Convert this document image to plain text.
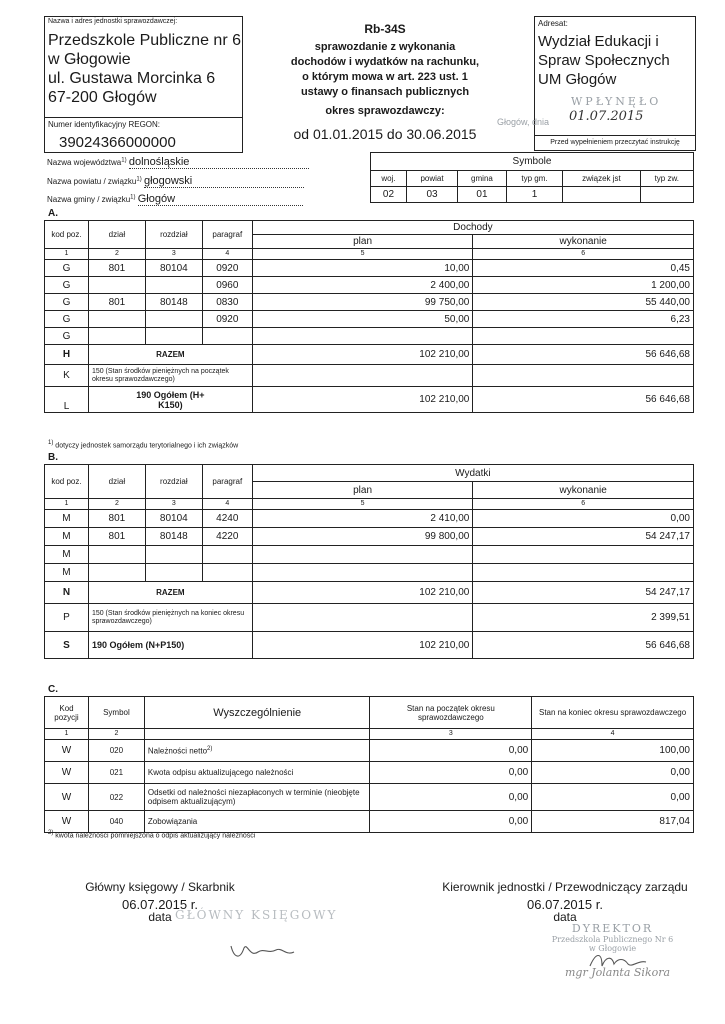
Nazwa i adres jednostki sprawozdawczej:
Przedszkole Publiczne nr 6
w Głogowie
ul. Gustawa Morcinka 6
67-200 Głogów
Numer identyfikacyjny REGON:
39024366000000
Rb-34S
sprawozdanie z wykonania
dochodów i wydatków na rachunku,
o którym mowa w art. 223 ust. 1
ustawy o finansach publicznych
okres sprawozdawczy:
od 01.01.2015 do 30.06.2015
Adresat:
Wydział Edukacji i
Spraw Społecznych
UM Głogów
WPŁYNĘŁO
Głogów, dnia 01.07.2015
Przed wypełnieniem przeczytać instrukcję
Nazwa województwa$^{1)}$ dolnośląskie
Nazwa powiatu / związku$^{1)}$ głogowski
Nazwa gminy / związku$^{1)}$ Głogów
Symbole					
woj.	powiat	gmina	typ gm.	związek jst	typ zw.
02	03	01	1		
A.
kod poz.	dział	rozdział	paragraf	Dochody	
				plan	wykonanie
1	2	3	4	5	6
G	801	80104	0920	10,00	0,45
G			0960	2 400,00	1 200,00
G	801	80148	0830	99 750,00	55 440,00
G			0920	50,00	6,23
G					
H	RAZEM			102 210,00	56 646,68
K	150 (Stan środków pieniężnych na początek okresu sprawozdawczego)				
L	190 Ogółem (H+ K150)			102 210,00	56 646,68
$^{1)}$ dotyczy jednostek samorządu terytorialnego i ich związków
B.
kod poz.	dział	rozdział	paragraf	Wydatki	
				plan	wykonanie
1	2	3	4	5	6
M	801	80104	4240	2 410,00	0,00
M	801	80148	4220	99 800,00	54 247,17
M					
M					
N	RAZEM			102 210,00	54 247,17
P	150 (Stan środków pieniężnych na koniec okresu sprawozdawczego)				2 399,51
S	190 Ogółem (N+P150)			102 210,00	56 646,68
C.
Kod pozycji	Symbol	Wyszczególnienie	Stan na początek okresu sprawozdawczego	Stan na koniec okresu sprawozdawczego
1	2		3	4
W	020	Należności netto$^{2)}$	0,00	100,00
W	021	Kwota odpisu aktualizującego należności	0,00	0,00
W	022	Odsetki od należności niezapłaconych w terminie (nieobjęte odpisem aktualizującym)	0,00	0,00
W	040	Zobowiązania	0,00	817,04
$^{2)}$ kwota należności pomniejszona o odpis aktualizujący należności
Główny księgowy / Skarbnik
06.07.2015 r.
data GŁÓWNY KSIĘGOWY
Kierownik jednostki / Przewodniczący zarządu
06.07.2015 r.
data
DYREKTOR
Przedszkola Publicznego Nr 6
w Głogowie
mgr Jolanta Sikora
